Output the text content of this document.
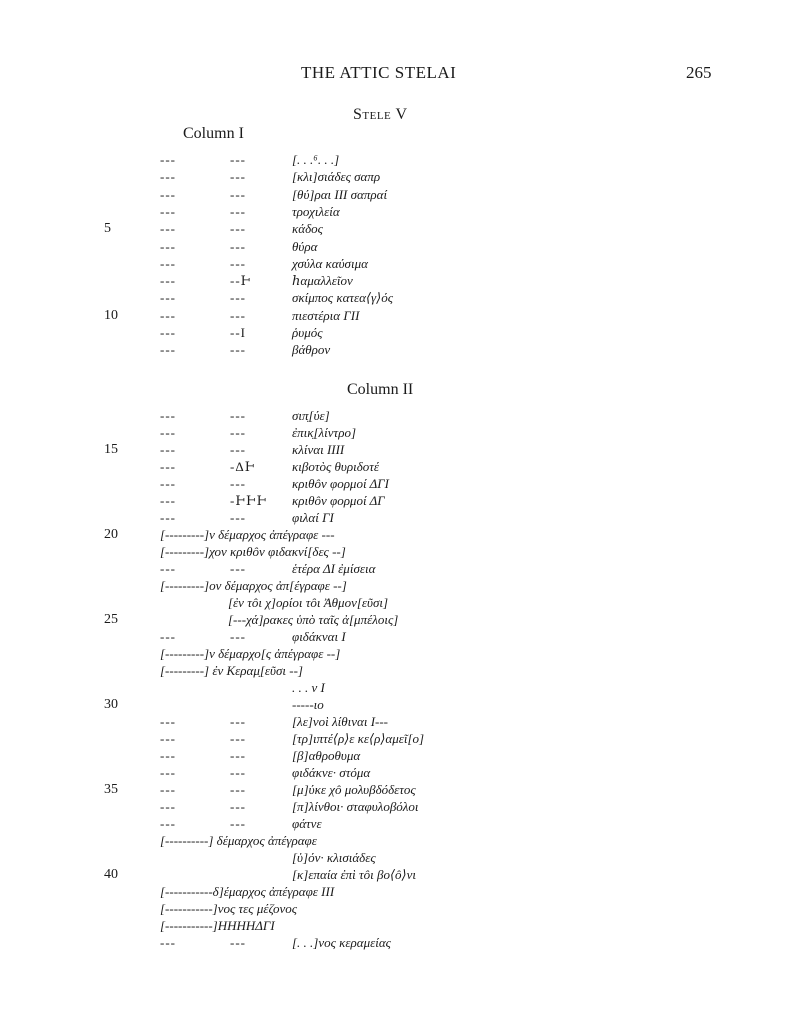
THE ATTIC STELAI	265
Stele V
Column I
Column II
---	---	[. . .⁶. . .]
---	---	[κλι]σιάδες σαπρ
---	---	[θύ]ραι ΙΙΙ σαπραί
---	---	τροχιλεία
5	---	---	κάδος
---	---	θύρα
---	---	χσύλα καύσιμα
---	--Ͱ	ℎαμαλλεῖον
---	---	σκίμπος κατεα⟨γ⟩ός
10	---	---	πιεστέρια ΓΙΙ
---	--Ι	ῥυμός
---	---	βάθρον
---	---	σιπ̣[ύε]
---	---	ἐπικ̣[λίντρο]
15	---	---	κλίναι ΙΙΙΙ
---	-ΔͰ	κιβοτὸς θυριδοτέ
---	---	κριθôν φορμοί ΔΓΙ
---	-ͰͰͰ κριθôν φορμοί ΔΓ
---	---	φιλαί ΓΙ
20	[---------]ν δέμαρχος ἀπέγραφε ---
[---------]χον κριθôν φιδακνί[δες --]
---	---	ἑτέρα ΔΙ ἐμίσεια
[---------]ον δέμαρχος ἀπ[έγραφε --]
[ἐν τôι χ]ορίοι τôι Ἀθμον[εῦσι]
25	[---χά]ρακες ὑπὸ ταῖς ἀ[μπέλοις]
---	---	φιδάκναι Ι
[---------]ν δέμαρχο[ς ἀπέγραφε --]
[---------] ἐν Κεραμ̣[εῦσι --]
. . . ν Ι
30	-----ιο
---	---	[λε]νοὶ λίθιναι Ι---
---	---	[τρ]ιπτέ⟨ρ⟩ε κε⟨ρ⟩αμεῖ[ο]
---	---	[β]αθροθυμα
---	---	φιδάκνε· στόμα
35	---	---	[μ]ύκε χô μολυβδόδετος
---	---	[π]λίνθοι· σταφυλοβόλοι
---	---	φάτνε
[----------] δέμαρχος ἀπέγραφε
[ὑ]όν· κλισιάδες
40	[κ]επαία ἐπὶ τôι βο⟨ô⟩νι
[-----------δ]έμαρχος ἀπέγραφε ΙΙΙ
[-----------]νος τες μέζονος
[-----------]ΗΗΗΗΔΓΙ
---	---	[. . .]νος κεραμείας
